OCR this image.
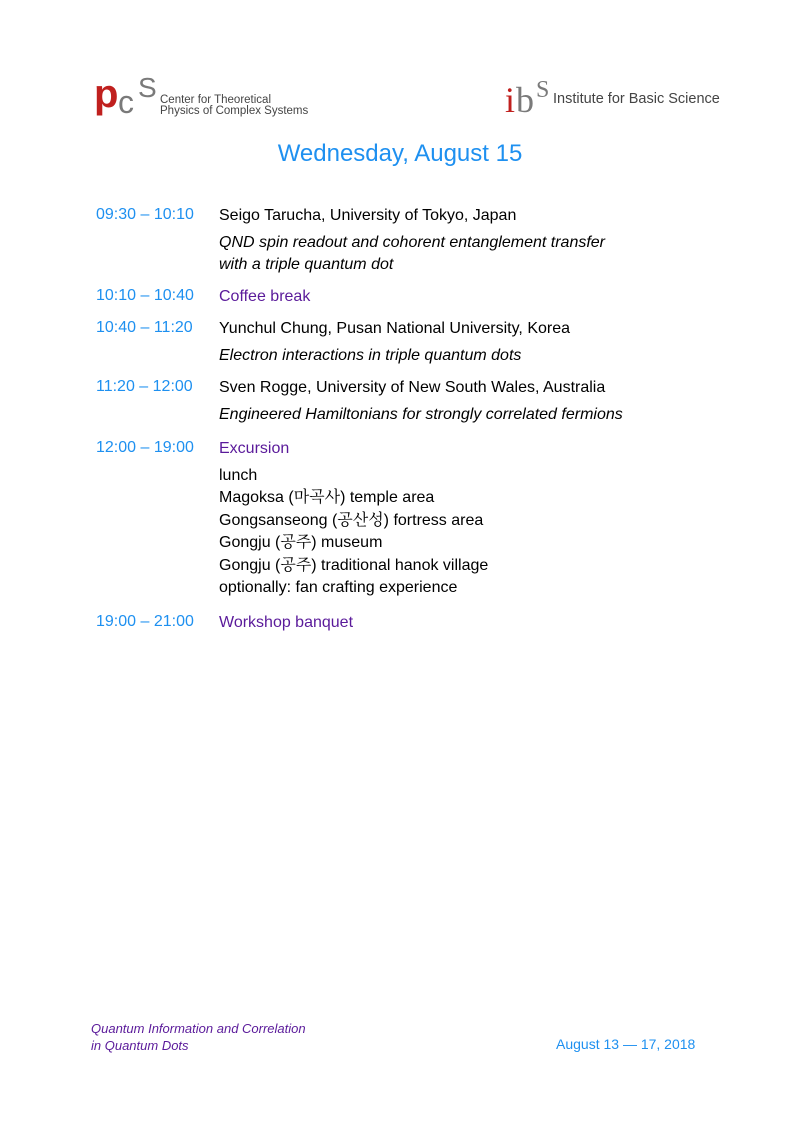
p c S Center for Theoretical
Physics of Complex Systems	i b S Institute for Basic Science
Wednesday, August 15
09:30 – 10:10 Seigo Tarucha, University of Tokyo, Japan
QND spin readout and cohorent entanglement transfer
with a triple quantum dot
10:10 – 10:40 Coffee break
10:40 – 11:20 Yunchul Chung, Pusan National University, Korea
Electron interactions in triple quantum dots
11:20 – 12:00 Sven Rogge, University of New South Wales, Australia
Engineered Hamiltonians for strongly correlated fermions
12:00 – 19:00 Excursion
lunch
Magoksa (마곡사) temple area
Gongsanseong (공산성) fortress area
Gongju (공주) museum
Gongju (공주) traditional hanok village
optionally: fan crafting experience
19:00 – 21:00 Workshop banquet
Quantum Information and Correlation
in Quantum Dots	August 13 — 17, 2018
